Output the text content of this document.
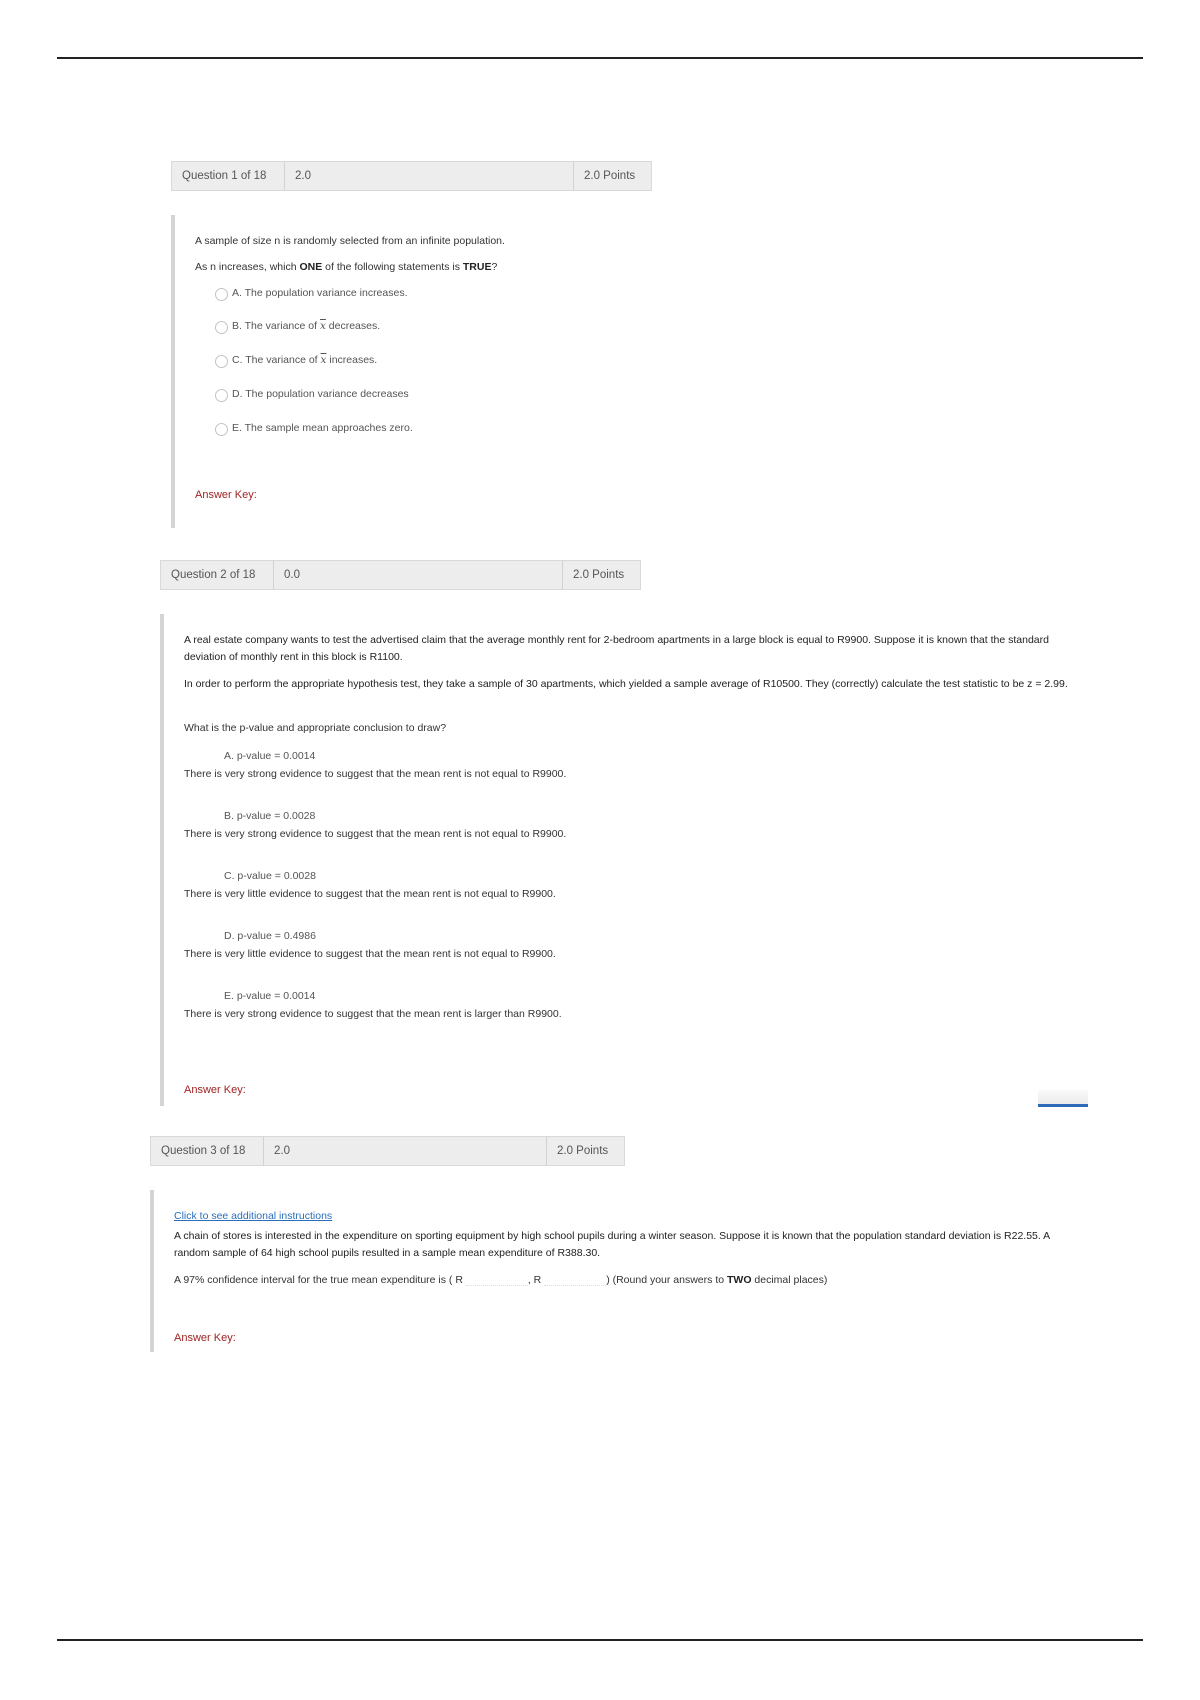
Question 1 of 18	2.0	2.0 Points
A sample of size n is randomly selected from an infinite population.
As n increases, which ONE of the following statements is TRUE?
A. The population variance increases.
B. The variance of $\overline{x}$ decreases.
C. The variance of $\overline{x}$ increases.
D. The population variance decreases
E. The sample mean approaches zero.
Answer Key:
Question 2 of 18	0.0	2.0 Points
A real estate company wants to test the advertised claim that the average monthly rent for 2-bedroom apartments in a large block is equal to R9900. Suppose it is known that the standard deviation of monthly rent in this block is R1100.
In order to perform the appropriate hypothesis test, they take a sample of 30 apartments, which yielded a sample average of R10500. They (correctly) calculate the test statistic to be z = 2.99.
What is the p-value and appropriate conclusion to draw?
A. p-value = 0.0014
There is very strong evidence to suggest that the mean rent is not equal to R9900.
B. p-value = 0.0028
There is very strong evidence to suggest that the mean rent is not equal to R9900.
C. p-value = 0.0028
There is very little evidence to suggest that the mean rent is not equal to R9900.
D. p-value = 0.4986
There is very little evidence to suggest that the mean rent is not equal to R9900.
E. p-value = 0.0014
There is very strong evidence to suggest that the mean rent is larger than R9900.
Answer Key:
Question 3 of 18	2.0	2.0 Points
Click to see additional instructions
A chain of stores is interested in the expenditure on sporting equipment by high school pupils during a winter season. Suppose it is known that the population standard deviation is R22.55. A random sample of 64 high school pupils resulted in a sample mean expenditure of R388.30.
A 97% confidence interval for the true mean expenditure is ( R	, R	) (Round your answers to TWO decimal places)
Answer Key:
